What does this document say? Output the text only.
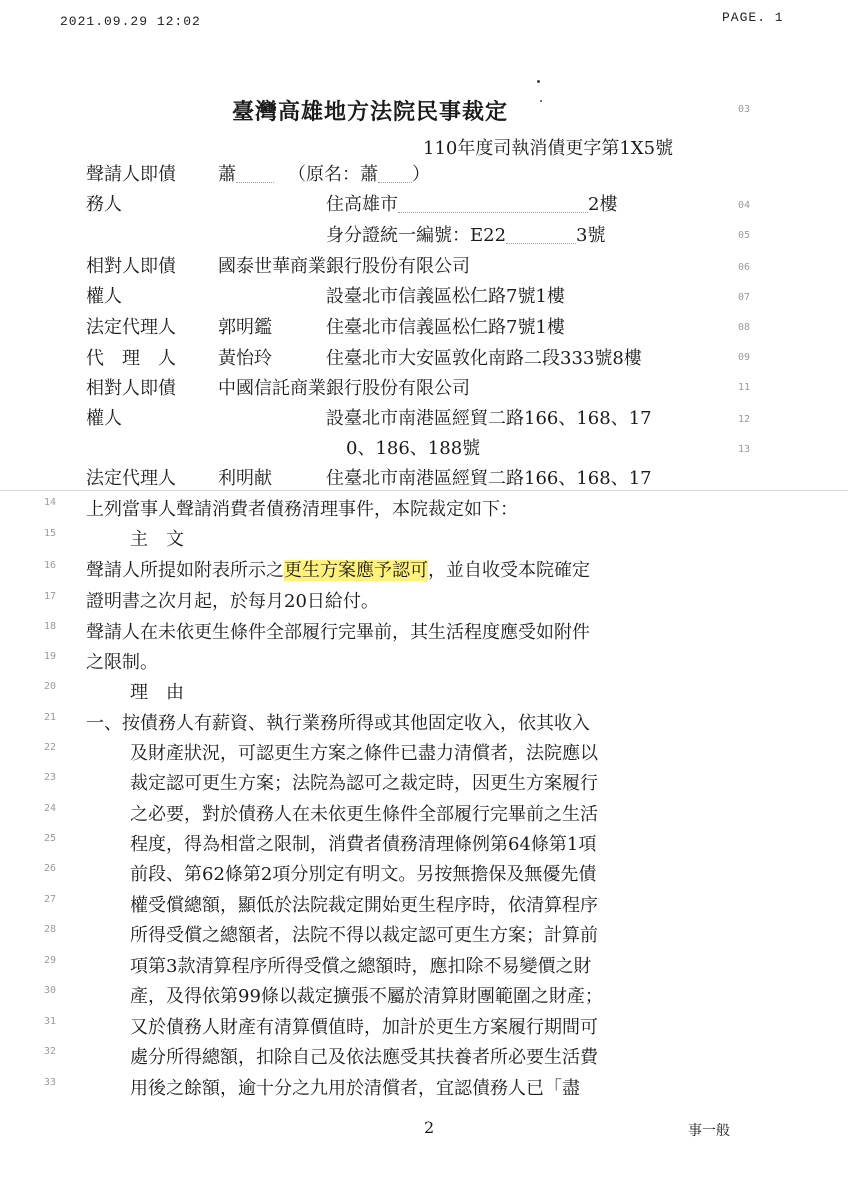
2021.09.29 12:02	PAGE. 1
臺灣高雄地方法院民事裁定
110年度司執消債更字第1X5號
03
04
05
06
07
08
09
11
12
13
聲請人即債 蕭	（原名：蕭 ）
務人	住高雄市	2樓
身分證統一編號：E22	3號
相對人即債 國泰世華商業銀行股份有限公司
權人	設臺北市信義區松仁路7號1樓
法定代理人 郭明鑑	住臺北市信義區松仁路7號1樓
代　理　人 黃怡玲	住臺北市大安區敦化南路二段333號8樓
相對人即債 中國信託商業銀行股份有限公司
權人	設臺北市南港區經貿二路166、168、17
0、186、188號
法定代理人 利明献	住臺北市南港區經貿二路166、168、17
14
15
16
17
18
19
20
21
22
23
24
25
26
27
28
29
30
31
32
33
上列當事人聲請消費者債務清理事件，本院裁定如下：
主　文
聲請人所提如附表所示之更生方案應予認可，並自收受本院確定
證明書之次月起，於每月20日給付。
聲請人在未依更生條件全部履行完畢前，其生活程度應受如附件
之限制。
理　由
一、按債務人有薪資、執行業務所得或其他固定收入，依其收入
及財產狀況，可認更生方案之條件已盡力清償者，法院應以
裁定認可更生方案；法院為認可之裁定時，因更生方案履行
之必要，對於債務人在未依更生條件全部履行完畢前之生活
程度，得為相當之限制，消費者債務清理條例第64條第1項
前段、第62條第2項分別定有明文。另按無擔保及無優先債
權受償總額，顯低於法院裁定開始更生程序時，依清算程序
所得受償之總額者，法院不得以裁定認可更生方案；計算前
項第3款清算程序所得受償之總額時，應扣除不易變價之財
產，及得依第99條以裁定擴張不屬於清算財團範圍之財產；
又於債務人財產有清算價值時，加計於更生方案履行期間可
處分所得總額，扣除自己及依法應受其扶養者所必要生活費
用後之餘額，逾十分之九用於清償者，宜認債務人已「盡
2	事一般
